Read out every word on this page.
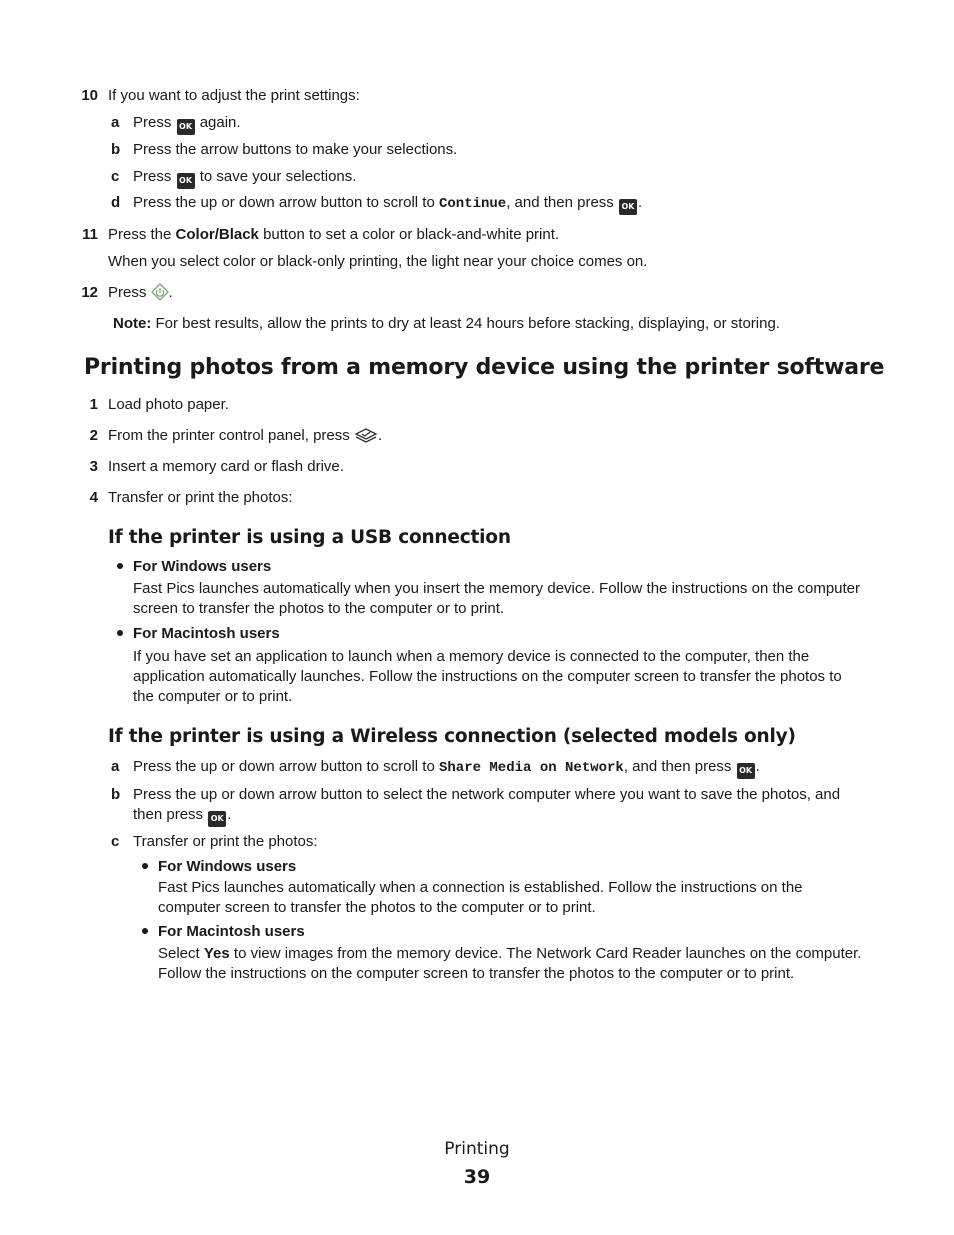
10 If you want to adjust the print settings:
a Press OK again.
b Press the arrow buttons to make your selections.
c Press OK to save your selections.
d Press the up or down arrow button to scroll to Continue, and then press OK .
11 Press the Color/Black button to set a color or black-and-white print.
When you select color or black-only printing, the light near your choice comes on.
12 Press .
Note: For best results, allow the prints to dry at least 24 hours before stacking, displaying, or storing.
Printing photos from a memory device using the printer software
1 Load photo paper.
2 From the printer control panel, press .
3 Insert a memory card or flash drive.
4 Transfer or print the photos:
If the printer is using a USB connection
For Windows users
Fast Pics launches automatically when you insert the memory device. Follow the instructions on the computer
screen to transfer the photos to the computer or to print.
For Macintosh users
If you have set an application to launch when a memory device is connected to the computer, then the
application automatically launches. Follow the instructions on the computer screen to transfer the photos to
the computer or to print.
If the printer is using a Wireless connection (selected models only)
a Press the up or down arrow button to scroll to Share Media on Network, and then press OK .
b Press the up or down arrow button to select the network computer where you want to save the photos, and
then press OK .
c Transfer or print the photos:
For Windows users
Fast Pics launches automatically when a connection is established. Follow the instructions on the
computer screen to transfer the photos to the computer or to print.
For Macintosh users
Select Yes to view images from the memory device. The Network Card Reader launches on the computer.
Follow the instructions on the computer screen to transfer the photos to the computer or to print.
Printing
39
